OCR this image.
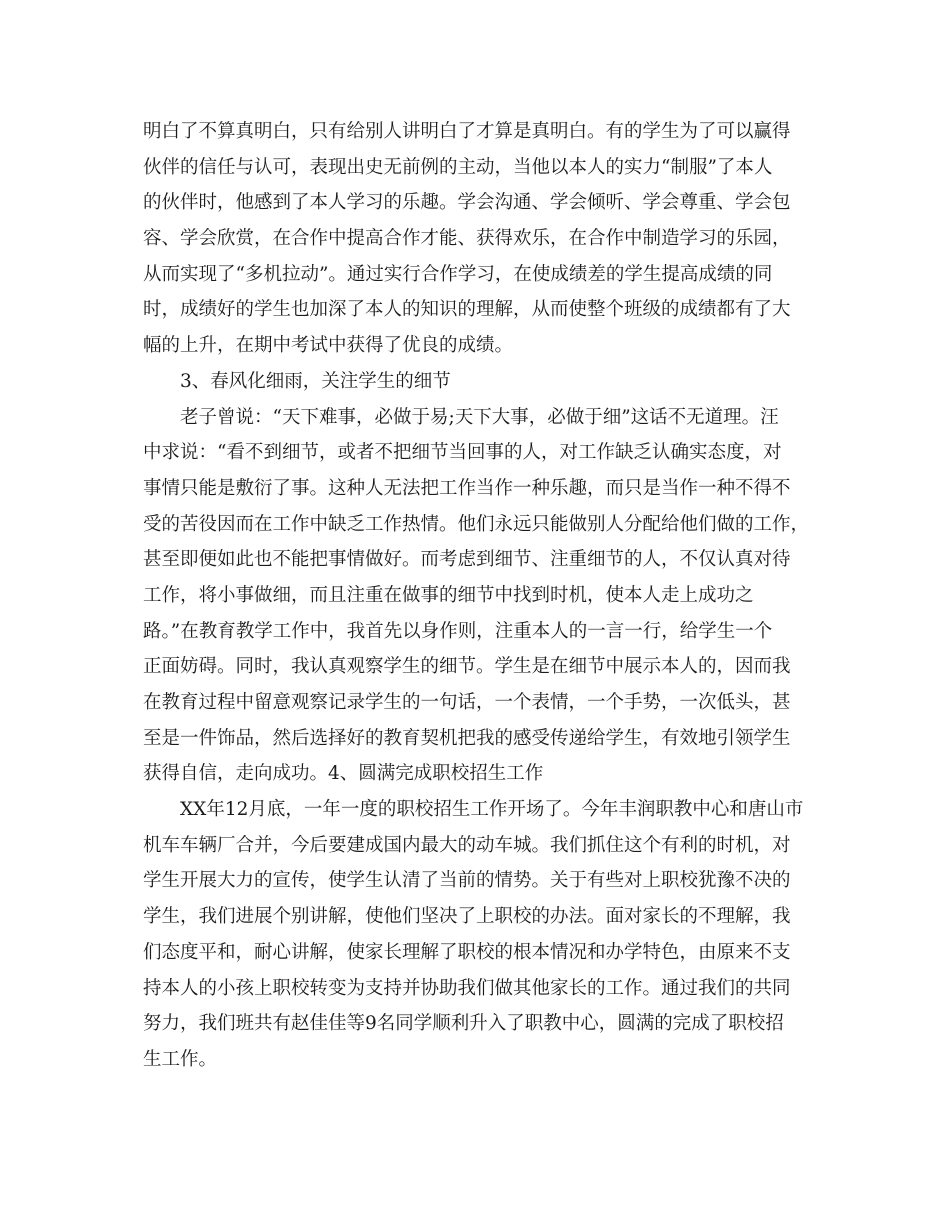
明白了不算真明白，只有给别人讲明白了才算是真明白。有的学生为了可以赢得
伙伴的信任与认可，表现出史无前例的主动，当他以本人的实力“制服”了本人
的伙伴时，他感到了本人学习的乐趣。学会沟通、学会倾听、学会尊重、学会包
容、学会欣赏，在合作中提高合作才能、获得欢乐，在合作中制造学习的乐园，
从而实现了“多机拉动”。通过实行合作学习，在使成绩差的学生提高成绩的同
时，成绩好的学生也加深了本人的知识的理解，从而使整个班级的成绩都有了大
幅的上升，在期中考试中获得了优良的成绩。
3、春风化细雨，关注学生的细节
老子曾说：“天下难事，必做于易;天下大事，必做于细”这话不无道理。汪
中求说：“看不到细节，或者不把细节当回事的人，对工作缺乏认确实态度，对
事情只能是敷衍了事。这种人无法把工作当作一种乐趣，而只是当作一种不得不
受的苦役因而在工作中缺乏工作热情。他们永远只能做别人分配给他们做的工作，
甚至即便如此也不能把事情做好。而考虑到细节、注重细节的人，不仅认真对待
工作，将小事做细，而且注重在做事的细节中找到时机，使本人走上成功之
路。”在教育教学工作中，我首先以身作则，注重本人的一言一行，给学生一个
正面妨碍。同时，我认真观察学生的细节。学生是在细节中展示本人的，因而我
在教育过程中留意观察记录学生的一句话，一个表情，一个手势，一次低头，甚
至是一件饰品，然后选择好的教育契机把我的感受传递给学生，有效地引领学生
获得自信，走向成功。4、圆满完成职校招生工作
XX年12月底，一年一度的职校招生工作开场了。今年丰润职教中心和唐山市
机车车辆厂合并，今后要建成国内最大的动车城。我们抓住这个有利的时机，对
学生开展大力的宣传，使学生认清了当前的情势。关于有些对上职校犹豫不决的
学生，我们进展个别讲解，使他们坚决了上职校的办法。面对家长的不理解，我
们态度平和，耐心讲解，使家长理解了职校的根本情况和办学特色，由原来不支
持本人的小孩上职校转变为支持并协助我们做其他家长的工作。通过我们的共同
努力，我们班共有赵佳佳等9名同学顺利升入了职教中心，圆满的完成了职校招
生工作。
